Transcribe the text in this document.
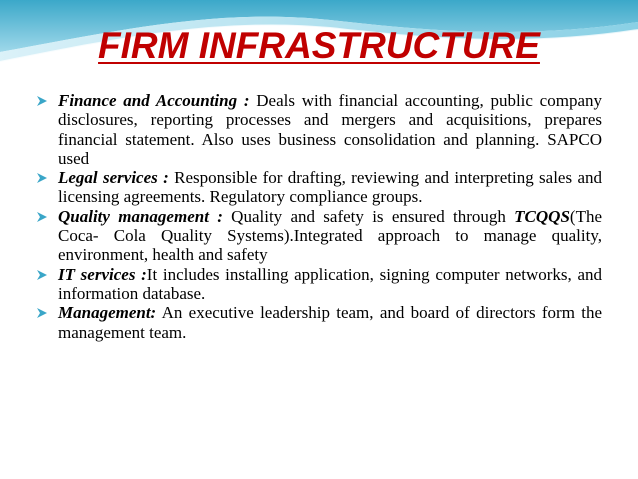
FIRM INFRASTRUCTURE
Finance and Accounting : Deals with financial accounting, public company disclosures, reporting processes and mergers and acquisitions, prepares financial statement. Also uses business consolidation and planning. SAPCO used
Legal services : Responsible for drafting, reviewing and interpreting sales and licensing agreements. Regulatory compliance groups.
Quality management : Quality and safety is ensured through TCQQS(The Coca- Cola Quality Systems).Integrated approach to manage quality, environment, health and safety
IT services :It includes installing application, signing computer networks, and information database.
Management: An executive leadership team, and board of directors form the management team.
